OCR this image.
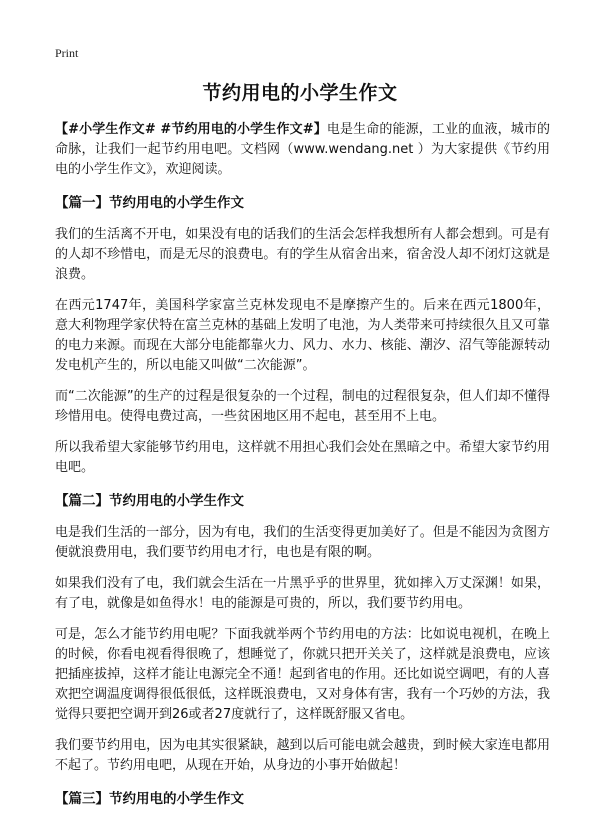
Print
节约用电的小学生作文

【#小学生作文# #节约用电的小学生作文#】电是生命的能源，工业的血液，城市的命脉，让我们一起节约用电吧。文档网（www.wendang.net ）为大家提供《节约用电的小学生作文》，欢迎阅读。

【篇一】节约用电的小学生作文

我们的生活离不开电，如果没有电的话我们的生活会怎样我想所有人都会想到。可是有的人却不珍惜电，而是无尽的浪费电。有的学生从宿舍出来，宿舍没人却不闭灯这就是浪费。

在西元1747年，美国科学家富兰克林发现电不是摩擦产生的。后来在西元1800年，意大利物理学家伏特在富兰克林的基础上发明了电池，为人类带来可持续很久且又可靠的电力来源。而现在大部分电能都靠火力、风力、水力、核能、潮汐、沼气等能源转动发电机产生的，所以电能又叫做“二次能源”。

而“二次能源”的生产的过程是很复杂的一个过程，制电的过程很复杂，但人们却不懂得珍惜用电。使得电费过高，一些贫困地区用不起电，甚至用不上电。

所以我希望大家能够节约用电，这样就不用担心我们会处在黑暗之中。希望大家节约用电吧。

【篇二】节约用电的小学生作文

电是我们生活的一部分，因为有电，我们的生活变得更加美好了。但是不能因为贪图方便就浪费用电，我们要节约用电才行，电也是有限的啊。

如果我们没有了电，我们就会生活在一片黑乎乎的世界里，犹如摔入万丈深渊！如果，有了电，就像是如鱼得水！电的能源是可贵的，所以，我们要节约用电。

可是，怎么才能节约用电呢？下面我就举两个节约用电的方法：比如说电视机，在晚上的时候，你看电视看得很晚了，想睡觉了，你就只把开关关了，这样就是浪费电，应该把插座拔掉，这样才能让电源完全不通！起到省电的作用。还比如说空调吧，有的人喜欢把空调温度调得很低很低，这样既浪费电，又对身体有害，我有一个巧妙的方法，我觉得只要把空调开到26或者27度就行了，这样既舒服又省电。

我们要节约用电，因为电其实很紧缺，越到以后可能电就会越贵，到时候大家连电都用不起了。节约用电吧，从现在开始，从身边的小事开始做起！

【篇三】节约用电的小学生作文
